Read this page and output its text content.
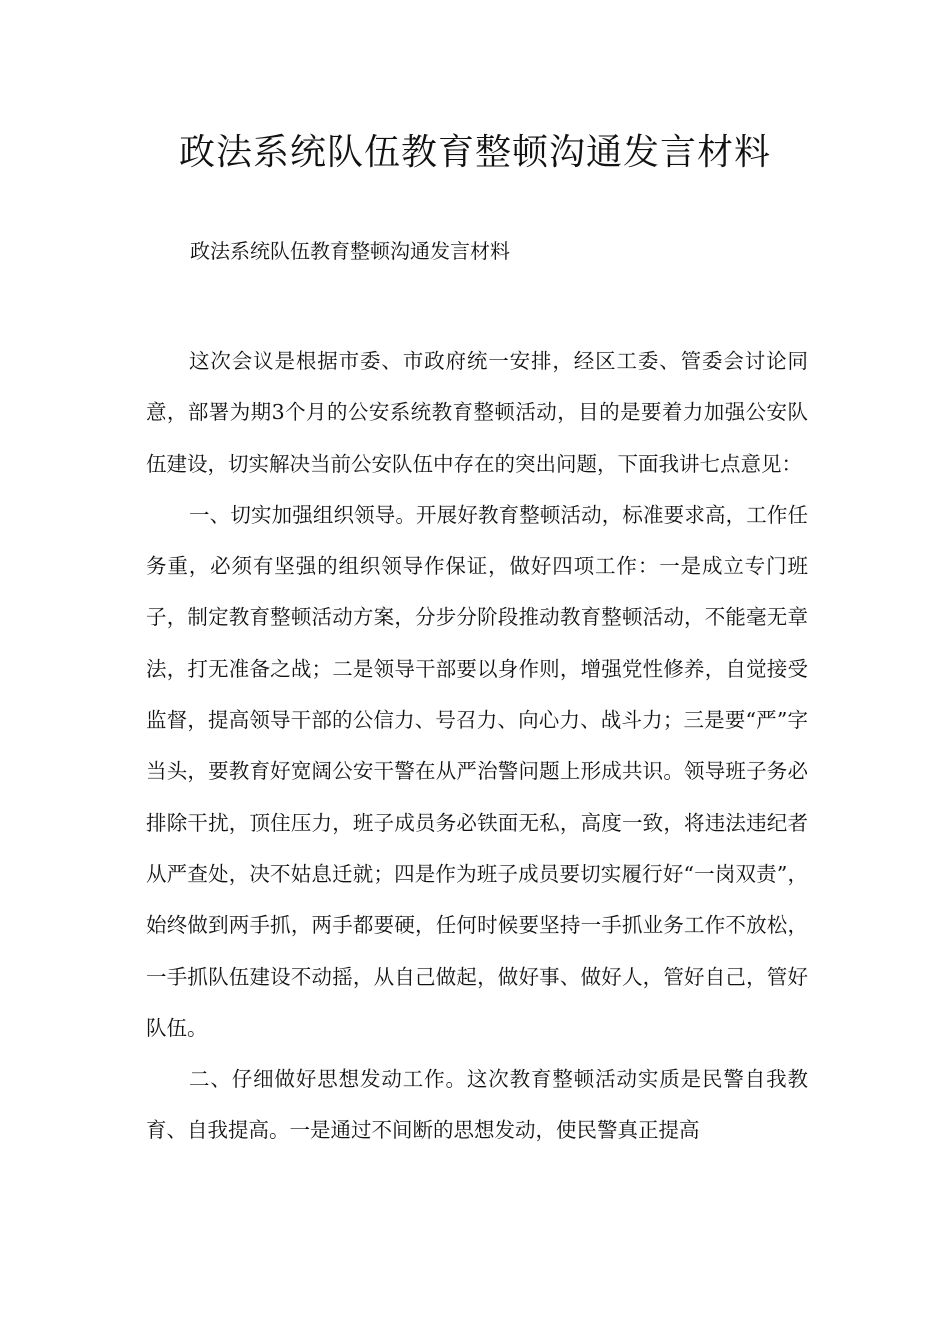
政法系统队伍教育整顿沟通发言材料

政法系统队伍教育整顿沟通发言材料

这次会议是根据市委、市政府统一安排，经区工委、管委会讨论同意，部署为期3个月的公安系统教育整顿活动，目的是要着力加强公安队伍建设，切实解决当前公安队伍中存在的突出问题，下面我讲七点意见：

一、切实加强组织领导。开展好教育整顿活动，标准要求高，工作任务重，必须有坚强的组织领导作保证，做好四项工作：一是成立专门班子，制定教育整顿活动方案，分步分阶段推动教育整顿活动，不能毫无章法，打无准备之战；二是领导干部要以身作则，增强党性修养，自觉接受监督，提高领导干部的公信力、号召力、向心力、战斗力；三是要“严”字当头，要教育好宽阔公安干警在从严治警问题上形成共识。领导班子务必排除干扰，顶住压力，班子成员务必铁面无私，高度一致，将违法违纪者从严查处，决不姑息迁就；四是作为班子成员要切实履行好“一岗双责”，始终做到两手抓，两手都要硬，任何时候要坚持一手抓业务工作不放松，一手抓队伍建设不动摇，从自己做起，做好事、做好人，管好自己，管好队伍。

二、仔细做好思想发动工作。这次教育整顿活动实质是民警自我教育、自我提高。一是通过不间断的思想发动，使民警真正提高
